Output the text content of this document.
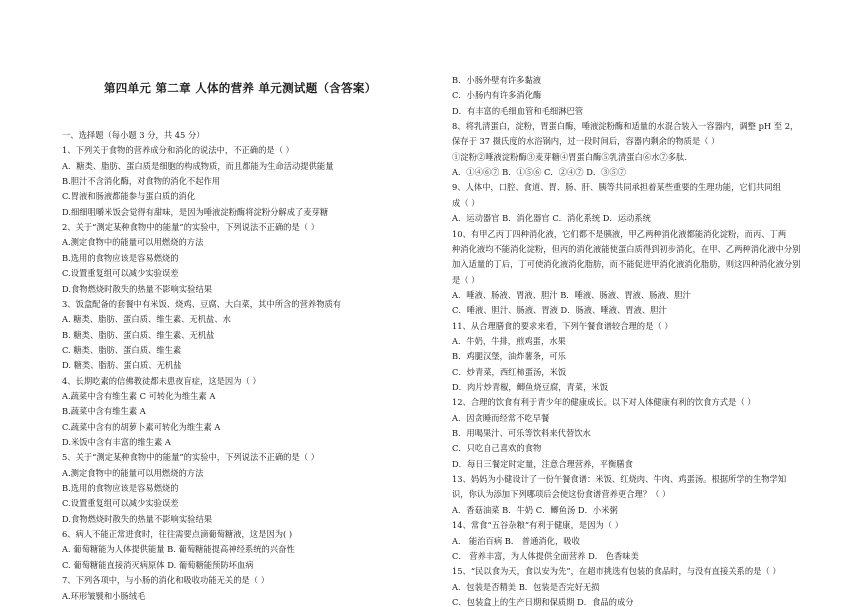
第四单元 第二章 人体的营养 单元测试题（含答案）
一、选择题（每小题 3 分，共 45 分）
1、下列关于食物的营养成分和消化的说法中，不正确的是（ ）
A．糖类、脂肪、蛋白质是细胞的构成物质，而且都能为生命活动提供能量
B.胆汁不含消化酶，对食物的消化不起作用
C.胃液和肠液都能参与蛋白质的消化
D.细细咀嚼米饭会觉得有甜味，是因为唾液淀粉酶将淀粉分解成了麦芽糖
2、关于“测定某种食物中的能量”的实验中，下列说法不正确的是（ ）
A.测定食物中的能量可以用燃烧的方法
B.选用的食物应该是容易燃烧的
C.设置重复组可以减少实验误差
D.食物燃烧时散失的热量不影响实验结果
3、饭盒配备的套餐中有米饭、烧鸡、豆腐、大白菜，其中所含的营养物质有
A. 糖类、脂肪、蛋白质、维生素、无机盐、水
B. 糖类、脂肪、蛋白质、维生素、无机盐
C. 糖类、脂肪、蛋白质、维生素
D. 糖类、脂肪、蛋白质、无机盐
4、长期吃素的信佛教徒都未患夜盲症，这是因为（ ）
A.蔬菜中含有维生素 C 可转化为维生素 A
B.蔬菜中含有维生素 A
C.蔬菜中含有的胡萝卜素可转化为维生素 A
D.米饭中含有丰富的维生素 A
5、关于“测定某种食物中的能量”的实验中，下列说法不正确的是（ ）
A.测定食物中的能量可以用燃烧的方法
B.选用的食物应该是容易燃烧的
C.设置重复组可以减少实验误差
D.食物燃烧时散失的热量不影响实验结果
6、病人不能正常进食时，往往需要点滴葡萄糖液，这是因为( )
A. 葡萄糖能为人体提供能量 B. 葡萄糖能提高神经系统的兴奋性
C. 葡萄糖能直接消灭病原体 D. 葡萄糖能预防坏血病
7、下列各项中，与小肠的消化和吸收功能无关的是（ ）
A.环形皱襞和小肠绒毛
B．小肠外壁有许多黏液
C．小肠内有许多消化酶
D．有丰富的毛细血管和毛细淋巴管
8、将乳清蛋白，淀粉，胃蛋白酶，唾液淀粉酶和适量的水混合装入一容器内，调整 pH 至 2，
保存于 37 摄氏度的水浴锅内，过一段时间后，容器内剩余的物质是（ ）
①淀粉②唾液淀粉酶③麦芽糖④胃蛋白酶⑤乳清蛋白⑥水⑦多肽.
A．①④⑥⑦ B．①⑤⑥ C．②④⑦ D．③⑤⑦
9、人体中，口腔、食道、胃、肠、肝、胰等共同承担着某些重要的生理功能，它们共同组
成（ ）
A．运动器官 B．消化器官 C．消化系统 D．运动系统
10、有甲乙丙丁四种消化液，它们都不是胰液，甲乙两种消化液都能消化淀粉，而丙、丁两
种消化液均不能消化淀粉，但丙的消化液能使蛋白质得到初步消化，在甲、乙两种消化液中分别
加入适量的丁后，丁可使消化液消化脂肪，而不能促进甲消化液消化脂肪，则这四种消化液分别
是（ ）
A．唾液、肠液、胃液、胆汁 B．唾液、肠液、胃液、肠液、胆汁
C．唾液、胆汁、肠液、胃液 D．肠液、唾液、胃液、胆汁
11、从合理膳食的要求来看，下列午餐食谱较合理的是（ ）
A．牛奶，牛排，煎鸡蛋，水果
B．鸡腿汉堡，油炸薯条，可乐
C．炒青菜，西红柿蛋汤，米饭
D．肉片炒青椒，鲫鱼烧豆腐，青菜，米饭
12、合理的饮食有利于青少年的健康成长。以下对人体健康有利的饮食方式是（ ）
A．因贪睡而经常不吃早餐
B．用喝果汁、可乐等饮料来代替饮水
C．只吃自己喜欢的食物
D．每日三餐定时定量，注意合理营养，平衡膳食
13、妈妈为小健设计了一份午餐食谱：米饭、红烧肉、牛肉、鸡蛋汤。根据所学的生物学知
识，你认为添加下列哪项后会使这份食谱营养更合理？（ ）
A．香菇油菜 B．牛奶 C．鲫鱼汤 D．小米粥
14、常食“五谷杂粮”有利于健康，是因为（ ）
A． 能治百病 B． 普通消化，吸收
C． 营养丰富，为人体提供全面营养 D． 色香味美
15、“民以食为天，食以安为先”，在超市挑选有包装的食品时，与没有直接关系的是（ ）
A．包装是否精美 B．包装是否完好无损
C．包装盒上的生产日期和保质期 D．食品的成分
